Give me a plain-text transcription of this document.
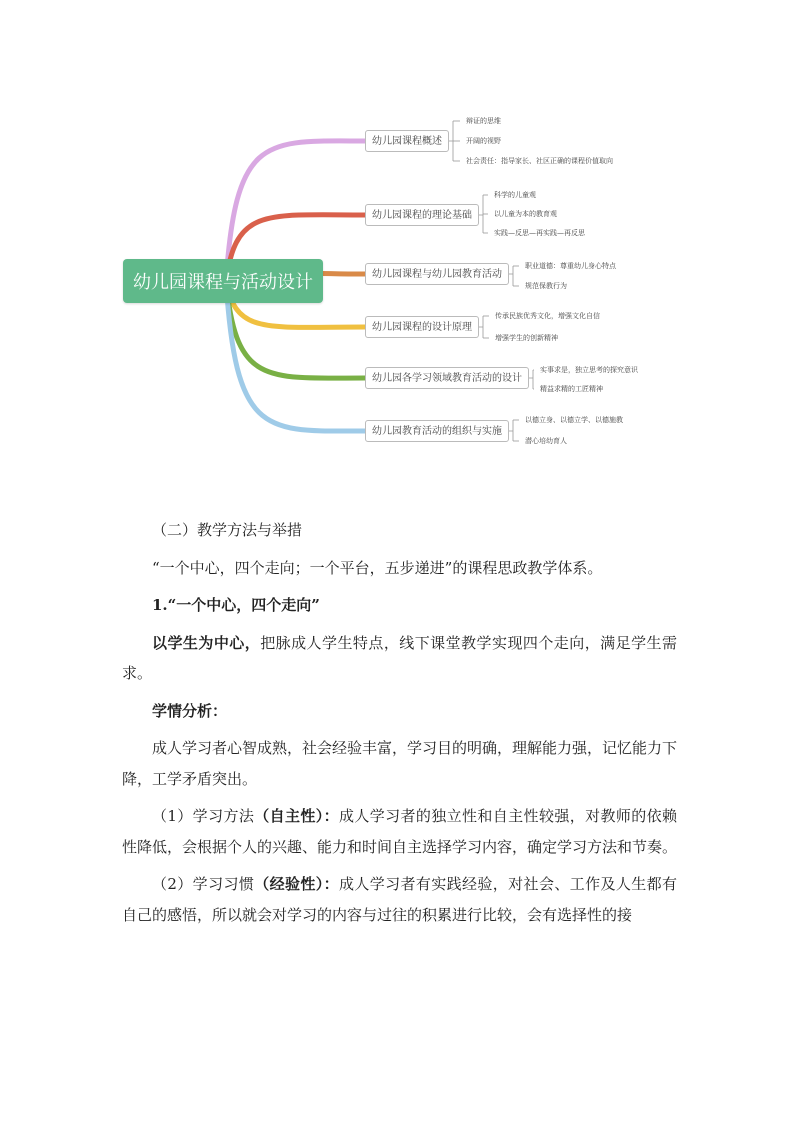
幼儿园课程与活动设计
幼儿园课程概述
辩证的思维
开阔的视野
社会责任：指导家长、社区正确的课程价值取向
幼儿园课程的理论基础
科学的儿童观
以儿童为本的教育观
实践—反思—再实践—再反思
幼儿园课程与幼儿园教育活动
职业道德：尊重幼儿身心特点
规范保教行为
幼儿园课程的设计原理
传承民族优秀文化，增强文化自信
增强学生的创新精神
幼儿园各学习领域教育活动的设计
实事求是，独立思考的探究意识
精益求精的工匠精神
幼儿园教育活动的组织与实施
以德立身、以德立学、以德施教
潜心培幼育人

（二）教学方法与举措

“一个中心，四个走向；一个平台，五步递进”的课程思政教学体系。

1.“一个中心，四个走向”

以学生为中心，把脉成人学生特点，线下课堂教学实现四个走向，满足学生需求。

学情分析：

成人学习者心智成熟，社会经验丰富，学习目的明确，理解能力强，记忆能力下降，工学矛盾突出。

（1）学习方法（自主性）：成人学习者的独立性和自主性较强，对教师的依赖性降低，会根据个人的兴趣、能力和时间自主选择学习内容，确定学习方法和节奏。

（2）学习习惯（经验性）：成人学习者有实践经验，对社会、工作及人生都有自己的感悟，所以就会对学习的内容与过往的积累进行比较，会有选择性的接
